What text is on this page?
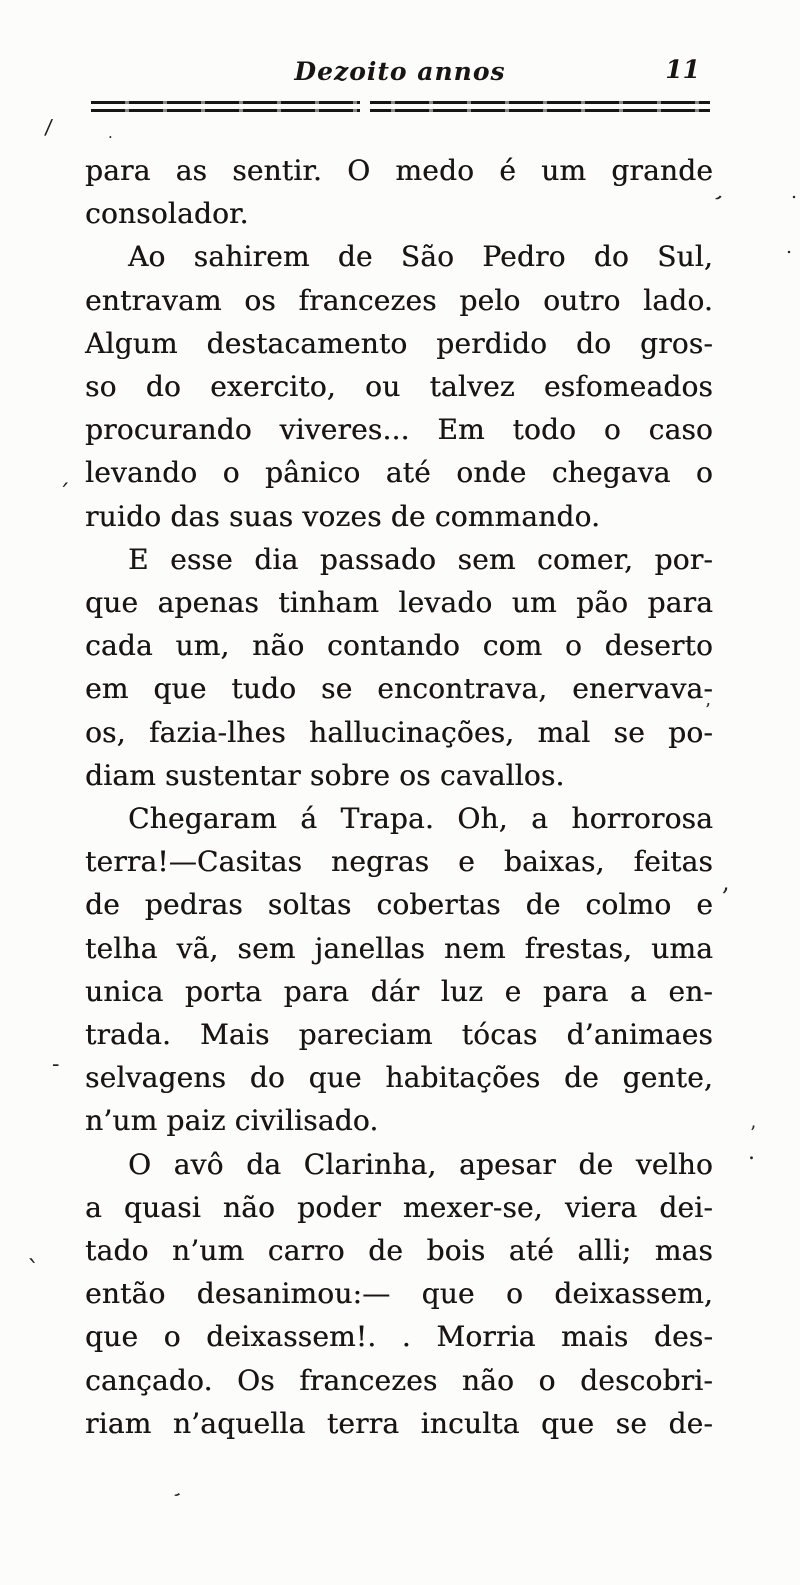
Dezoito annos	11
para as sentir. O medo é um grande
consolador.
Ao sahirem de São Pedro do Sul,
entravam os francezes pelo outro lado.
Algum destacamento perdido do gros-
so do exercito, ou talvez esfomeados
procurando viveres... Em todo o caso
levando o pânico até onde chegava o
ruido das suas vozes de commando.
E esse dia passado sem comer, por-
que apenas tinham levado um pão para
cada um, não contando com o deserto
em que tudo se encontrava, enervava-
os, fazia-lhes hallucinações, mal se po-
diam sustentar sobre os cavallos.
Chegaram á Trapa. Oh, a horrorosa
terra!—Casitas negras e baixas, feitas
de pedras soltas cobertas de colmo e
telha vã, sem janellas nem frestas, uma
unica porta para dár luz e para a en-
trada. Mais pareciam tócas d’animaes
selvagens do que habitações de gente,
n’um paiz civilisado.
O avô da Clarinha, apesar de velho
a quasi não poder mexer-se, viera dei-
tado n’um carro de bois até alli; mas
então desanimou:— que o deixassem,
que o deixassem!. . Morria mais des-
cançado. Os francezes não o descobri-
riam n’aquella terra inculta que se de-
/	.
’	.
.
´
’
,
-
’
.
`
’
